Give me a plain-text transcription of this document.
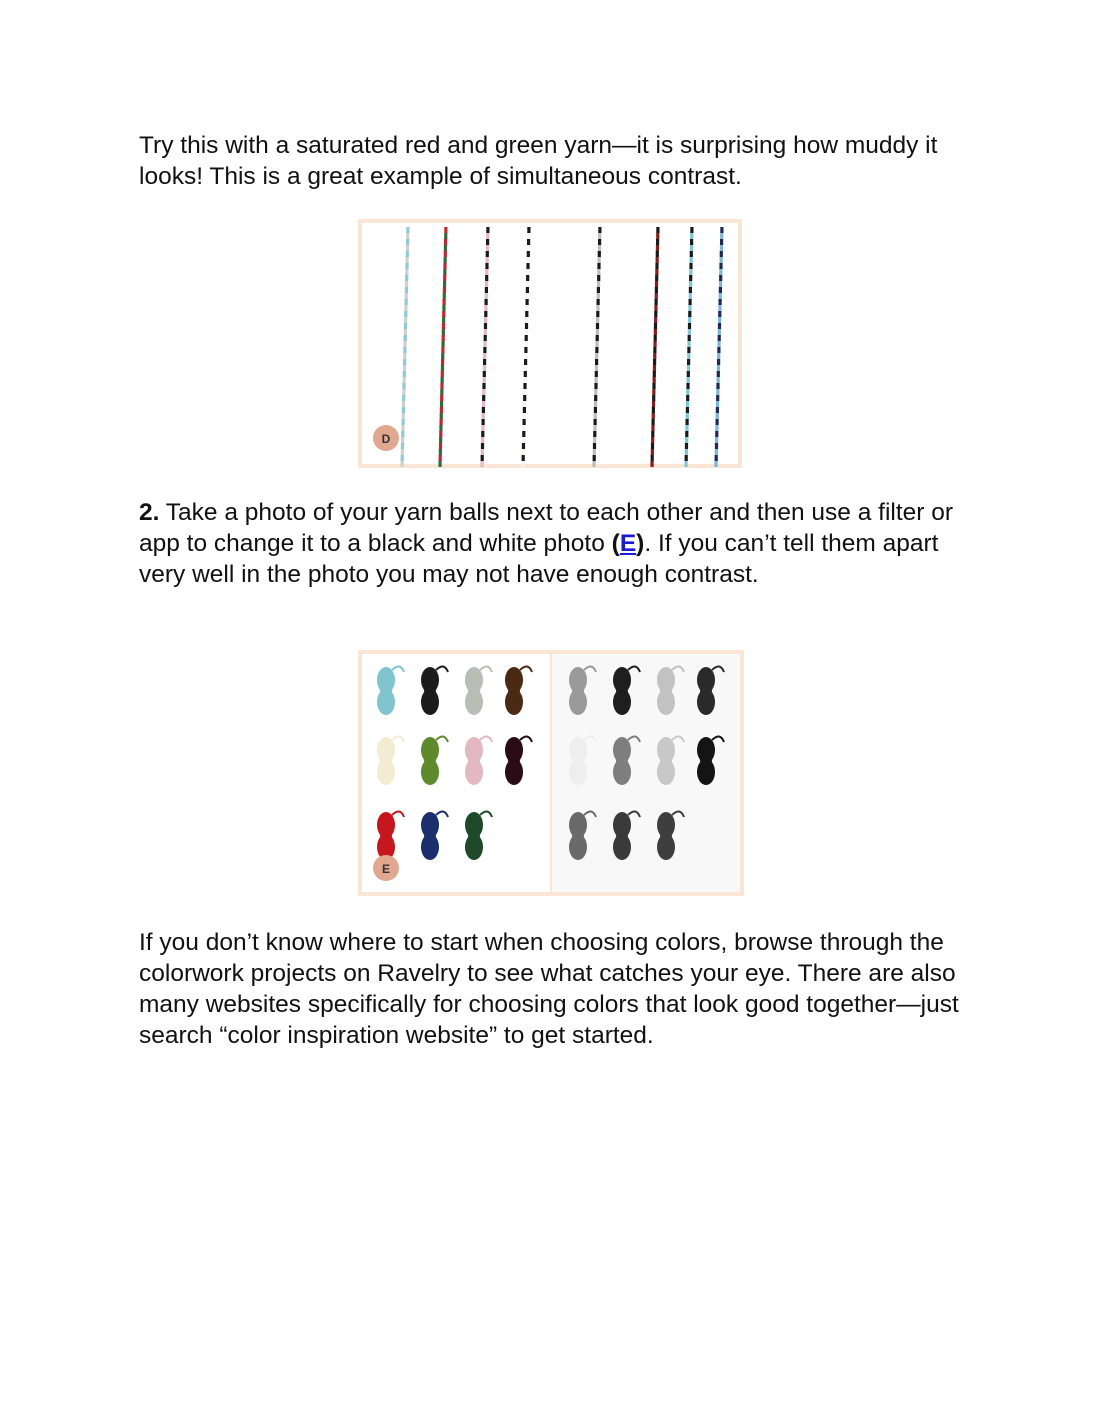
Try this with a saturated red and green yarn—it is surprising how muddy it looks! This is a great example of simultaneous contrast.

D

2. Take a photo of your yarn balls next to each other and then use a filter or app to change it to a black and white photo (E). If you can’t tell them apart very well in the photo you may not have enough contrast.

E

If you don’t know where to start when choosing colors, browse through the colorwork projects on Ravelry to see what catches your eye. There are also many websites specifically for choosing colors that look good together—just search “color inspiration website” to get started.
